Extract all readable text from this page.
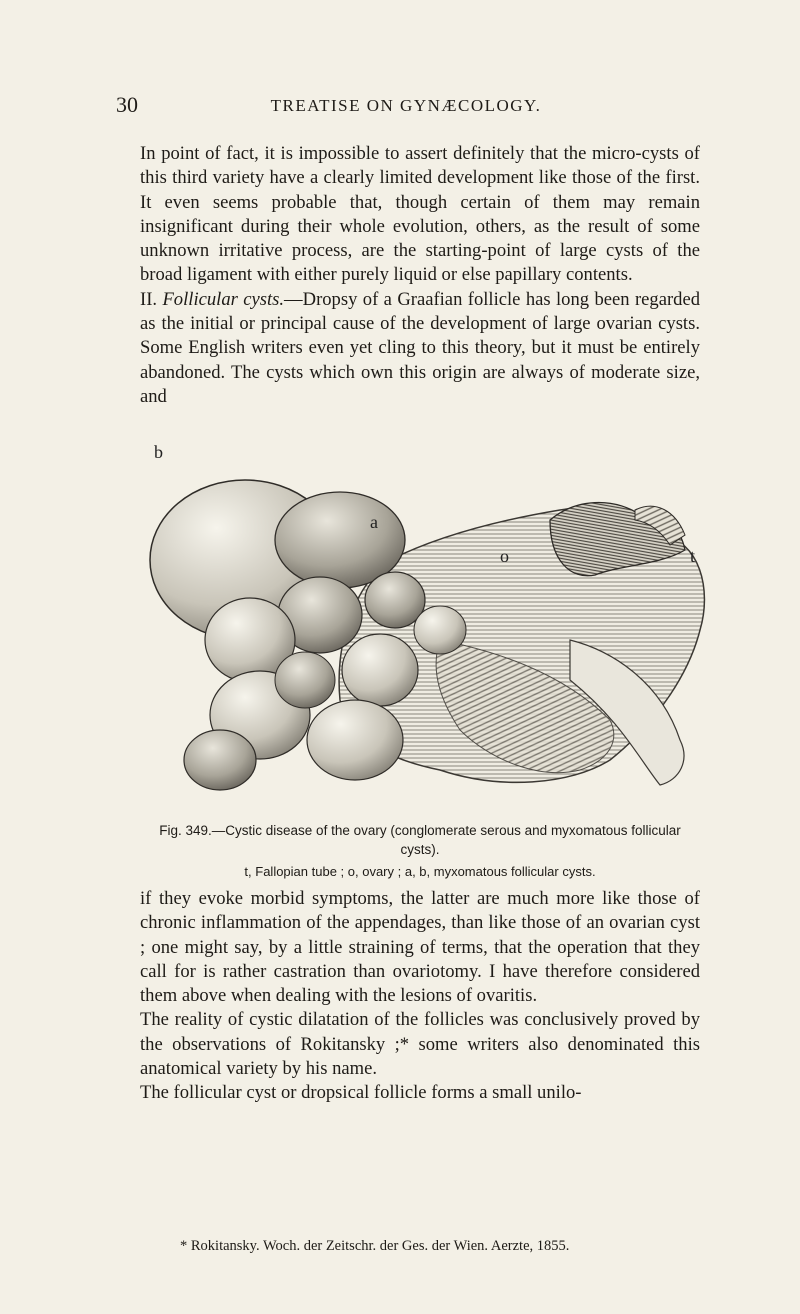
30	TREATISE ON GYNÆCOLOGY.

In point of fact, it is impossible to assert definitely that the micro-cysts of this third variety have a clearly limited development like those of the first. It even seems probable that, though certain of them may remain insignificant during their whole evolution, others, as the result of some unknown irritative process, are the starting-point of large cysts of the broad ligament with either purely liquid or else papillary contents.

II. Follicular cysts.—Dropsy of a Graafian follicle has long been regarded as the initial or principal cause of the development of large ovarian cysts. Some English writers even yet cling to this theory, but it must be entirely abandoned. The cysts which own this origin are always of moderate size, and

b
a
o	t
Fig. 349.—Cystic disease of the ovary (conglomerate serous and myxomatous follicular cysts).
t, Fallopian tube ; o, ovary ; a, b, myxomatous follicular cysts.

if they evoke morbid symptoms, the latter are much more like those of chronic inflammation of the appendages, than like those of an ovarian cyst ; one might say, by a little straining of terms, that the operation that they call for is rather castration than ovariotomy. I have therefore considered them above when dealing with the lesions of ovaritis.

The reality of cystic dilatation of the follicles was conclusively proved by the observations of Rokitansky ;* some writers also denominated this anatomical variety by his name.

The follicular cyst or dropsical follicle forms a small unilo-

* Rokitansky. Woch. der Zeitschr. der Ges. der Wien. Aerzte, 1855.
